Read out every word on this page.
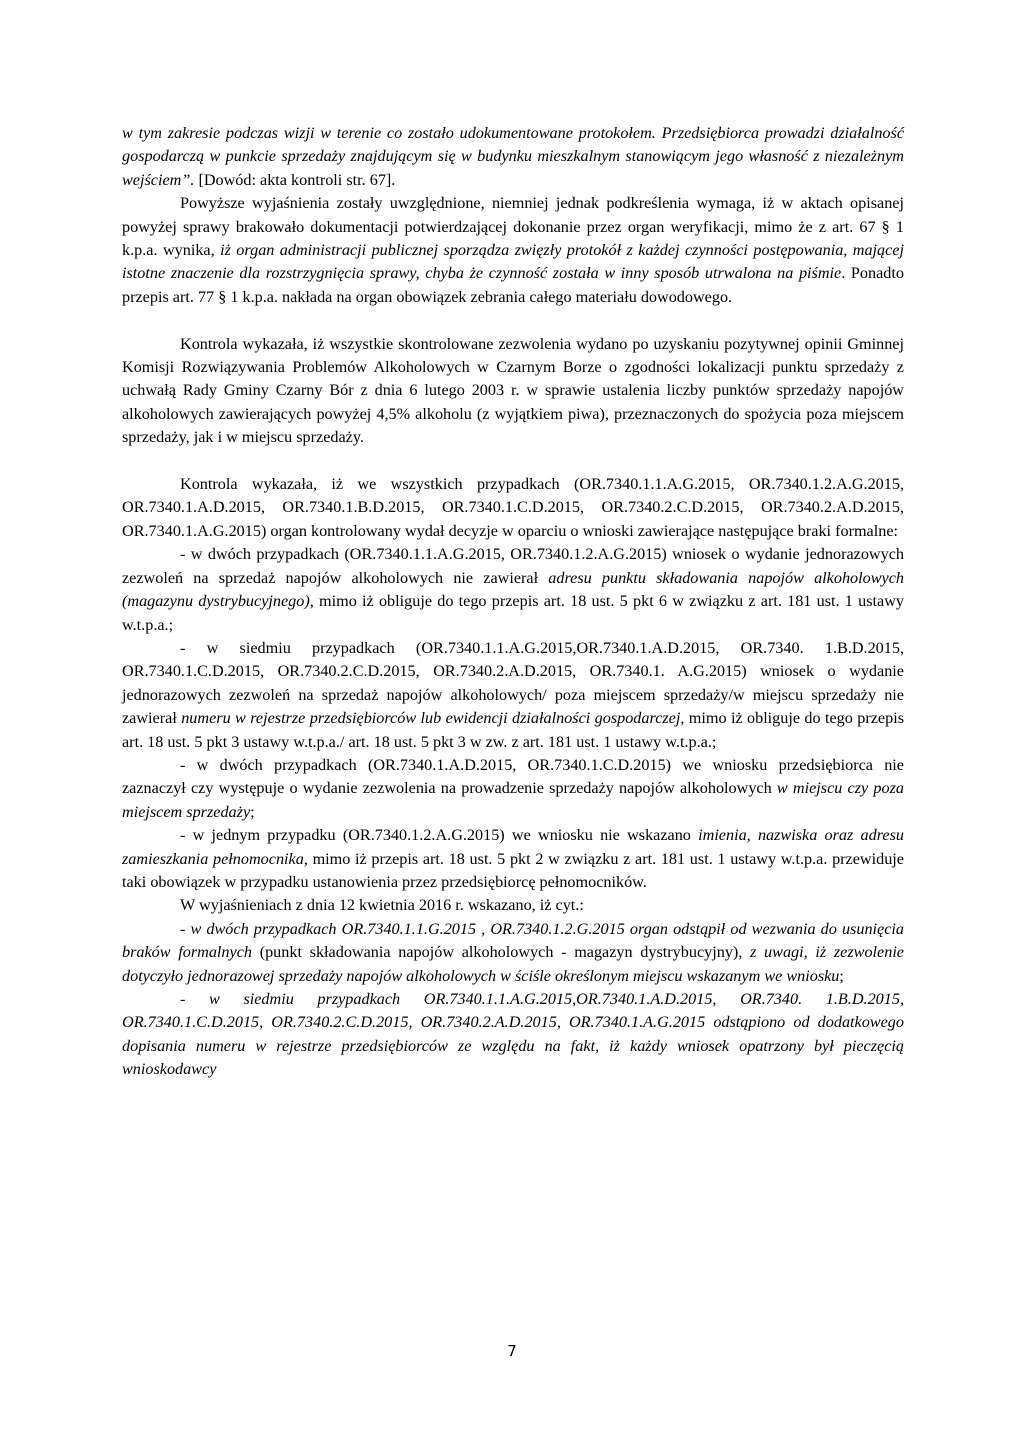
w tym zakresie podczas wizji w terenie co zostało udokumentowane protokołem. Przedsiębiorca prowadzi działalność gospodarczą w punkcie sprzedaży znajdującym się w budynku mieszkalnym stanowiącym jego własność z niezależnym wejściem”. [Dowód: akta kontroli str. 67].

Powyższe wyjaśnienia zostały uwzględnione, niemniej jednak podkreślenia wymaga, iż w aktach opisanej powyżej sprawy brakowało dokumentacji potwierdzającej dokonanie przez organ weryfikacji, mimo że z art. 67 § 1 k.p.a. wynika, iż organ administracji publicznej sporządza zwięzły protokół z każdej czynności postępowania, mającej istotne znaczenie dla rozstrzygnięcia sprawy, chyba że czynność została w inny sposób utrwalona na piśmie. Ponadto przepis art. 77 § 1 k.p.a. nakłada na organ obowiązek zebrania całego materiału dowodowego.

Kontrola wykazała, iż wszystkie skontrolowane zezwolenia wydano po uzyskaniu pozytywnej opinii Gminnej Komisji Rozwiązywania Problemów Alkoholowych w Czarnym Borze o zgodności lokalizacji punktu sprzedaży z uchwałą Rady Gminy Czarny Bór z dnia 6 lutego 2003 r. w sprawie ustalenia liczby punktów sprzedaży napojów alkoholowych zawierających powyżej 4,5% alkoholu (z wyjątkiem piwa), przeznaczonych do spożycia poza miejscem sprzedaży, jak i w miejscu sprzedaży.

Kontrola wykazała, iż we wszystkich przypadkach (OR.7340.1.1.A.G.2015, OR.7340.1.2.A.G.2015, OR.7340.1.A.D.2015, OR.7340.1.B.D.2015, OR.7340.1.C.D.2015, OR.7340.2.C.D.2015, OR.7340.2.A.D.2015, OR.7340.1.A.G.2015) organ kontrolowany wydał decyzje w oparciu o wnioski zawierające następujące braki formalne:

- w dwóch przypadkach (OR.7340.1.1.A.G.2015, OR.7340.1.2.A.G.2015) wniosek o wydanie jednorazowych zezwoleń na sprzedaż napojów alkoholowych nie zawierał adresu punktu składowania napojów alkoholowych (magazynu dystrybucyjnego), mimo iż obliguje do tego przepis art. 18 ust. 5 pkt 6 w związku z art. 181 ust. 1 ustawy w.t.p.a.;

- w siedmiu przypadkach (OR.7340.1.1.A.G.2015,OR.7340.1.A.D.2015, OR.7340. 1.B.D.2015, OR.7340.1.C.D.2015, OR.7340.2.C.D.2015, OR.7340.2.A.D.2015, OR.7340.1. A.G.2015) wniosek o wydanie jednorazowych zezwoleń na sprzedaż napojów alkoholowych/ poza miejscem sprzedaży/w miejscu sprzedaży nie zawierał numeru w rejestrze przedsiębiorców lub ewidencji działalności gospodarczej, mimo iż obliguje do tego przepis art. 18 ust. 5 pkt 3 ustawy w.t.p.a./ art. 18 ust. 5 pkt 3 w zw. z art. 181 ust. 1 ustawy w.t.p.a.;

- w dwóch przypadkach (OR.7340.1.A.D.2015, OR.7340.1.C.D.2015) we wniosku przedsiębiorca nie zaznaczył czy występuje o wydanie zezwolenia na prowadzenie sprzedaży napojów alkoholowych w miejscu czy poza miejscem sprzedaży;

- w jednym przypadku (OR.7340.1.2.A.G.2015) we wniosku nie wskazano imienia, nazwiska oraz adresu zamieszkania pełnomocnika, mimo iż przepis art. 18 ust. 5 pkt 2 w związku z art. 181 ust. 1 ustawy w.t.p.a. przewiduje taki obowiązek w przypadku ustanowienia przez przedsiębiorcę pełnomocników.

W wyjaśnieniach z dnia 12 kwietnia 2016 r. wskazano, iż cyt.:

- w dwóch przypadkach OR.7340.1.1.G.2015 , OR.7340.1.2.G.2015 organ odstąpił od wezwania do usunięcia braków formalnych (punkt składowania napojów alkoholowych - magazyn dystrybucyjny), z uwagi, iż zezwolenie dotyczyło jednorazowej sprzedaży napojów alkoholowych w ściśle określonym miejscu wskazanym we wniosku;

- w siedmiu przypadkach OR.7340.1.1.A.G.2015,OR.7340.1.A.D.2015, OR.7340. 1.B.D.2015, OR.7340.1.C.D.2015, OR.7340.2.C.D.2015, OR.7340.2.A.D.2015, OR.7340.1.A.G.2015 odstąpiono od dodatkowego dopisania numeru w rejestrze przedsiębiorców ze względu na fakt, iż każdy wniosek opatrzony był pieczęcią wnioskodawcy

7
